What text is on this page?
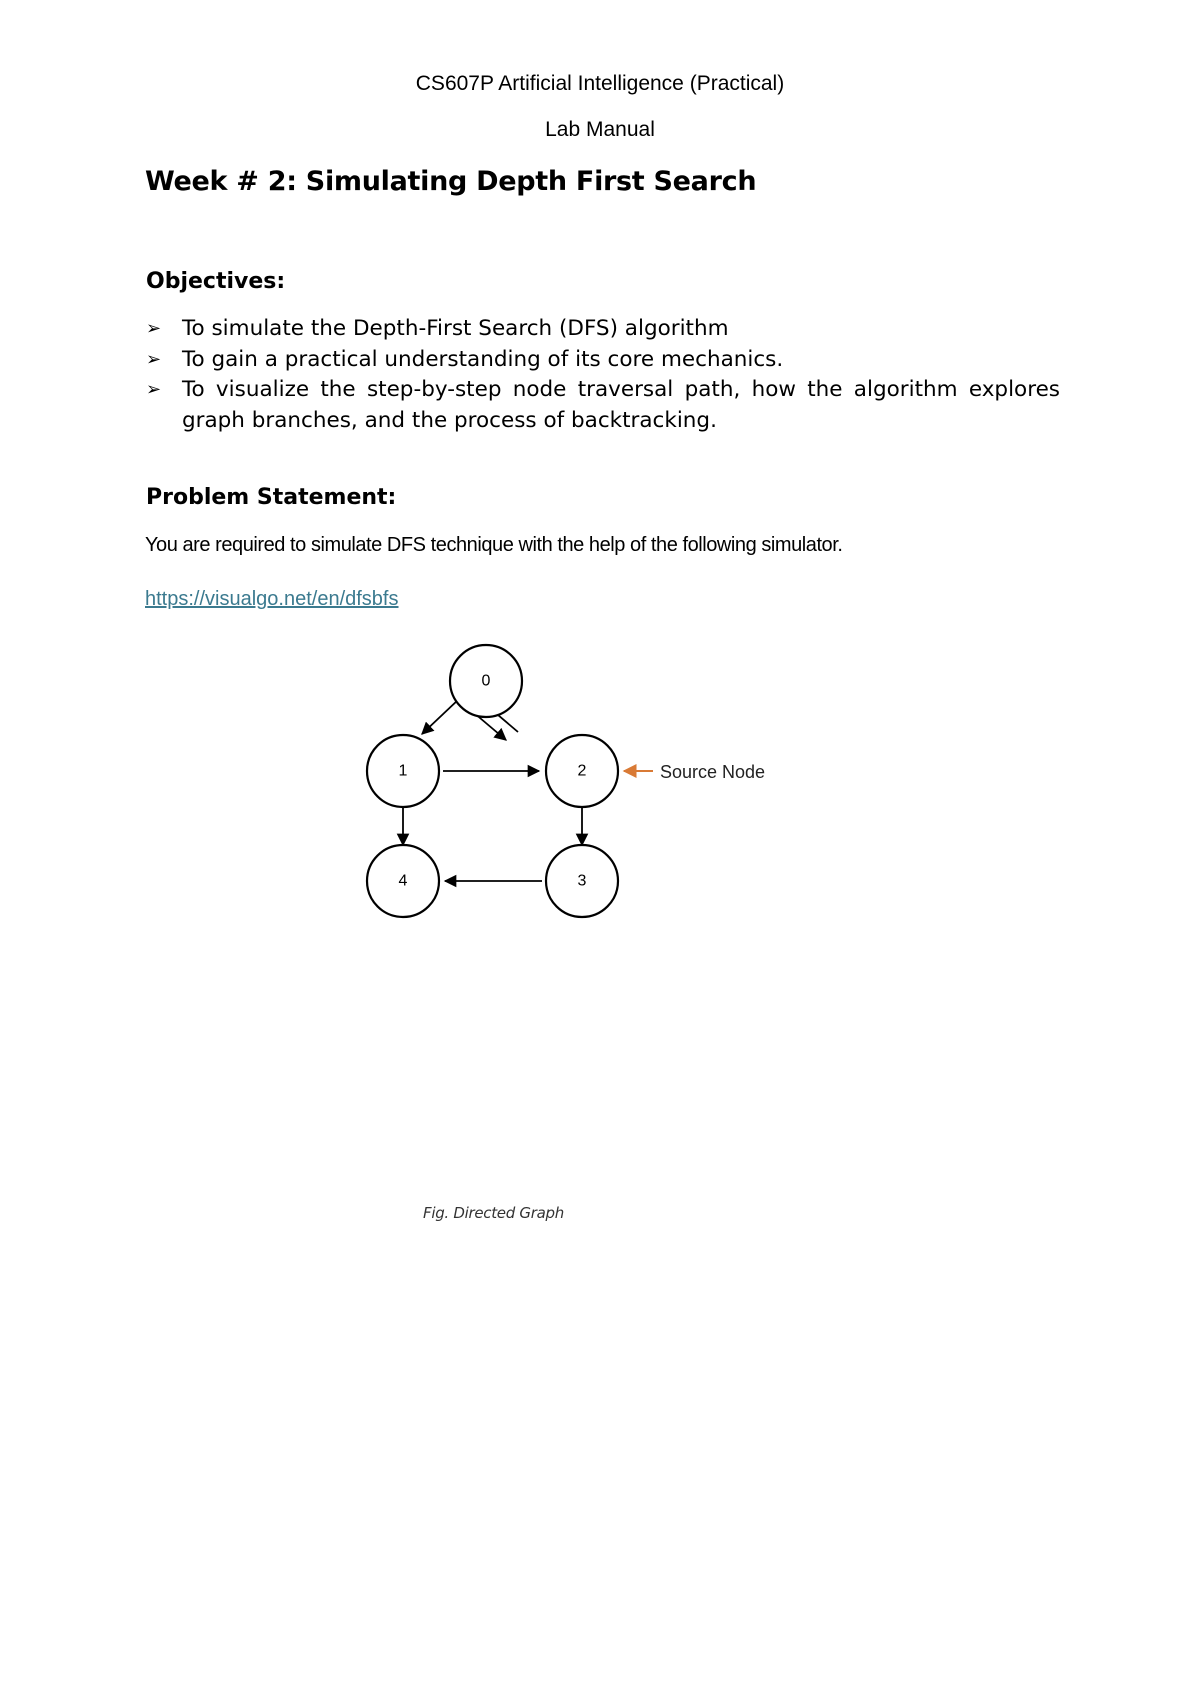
CS607P Artificial Intelligence (Practical)
Lab Manual
Week # 2: Simulating Depth First Search
Objectives:
➢ To simulate the Depth-First Search (DFS) algorithm
➢ To gain a practical understanding of its core mechanics.
➢ To visualize the step-by-step node traversal path, how the algorithm explores graph branches, and the process of backtracking.
Problem Statement:
You are required to simulate DFS technique with the help of the following simulator.
https://visualgo.net/en/dfsbfs
Source Node
0
1	2
3
4
Fig. Directed Graph
